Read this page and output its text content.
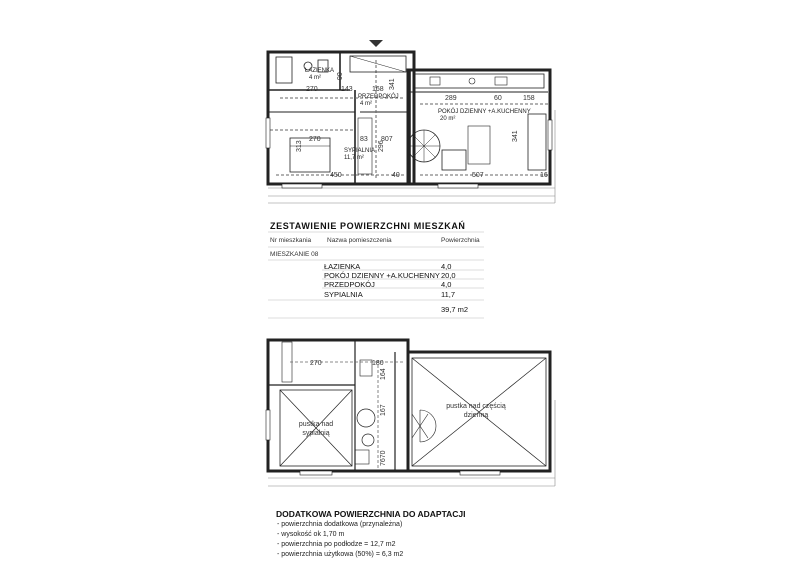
ŁAZIENKA
4 m²
PRZEDPOKÓJ
4 m²
POKÓJ DZIENNY +A.KUCHENNY
20 m²
SYPIALNIA
11,7 m²
270	168
289	60	158
270	83 807
313
341
296
450	40	507	16
90
143	341
ZESTAWIENIE POWIERZCHNI MIESZKAŃ
Nr mieszkania Nazwa pomieszczenia	Powierzchnia
MIESZKANIE 08
ŁAZIENKA	4,0
POKÓJ DZIENNY +A.KUCHENNY 20,0
PRZEDPOKÓJ	4,0
SYPIALNIA	11,7
39,7 m2
pustka nad sypialnią
pustka nad częścią dzienną
270	180
164
167
7670
DODATKOWA POWIERZCHNIA DO ADAPTACJI
- powierzchnia dodatkowa (przynależna)
- wysokość ok 1,70 m
- powierzchnia po podłodze = 12,7 m2
- powierzchnia użytkowa (50%) = 6,3 m2
